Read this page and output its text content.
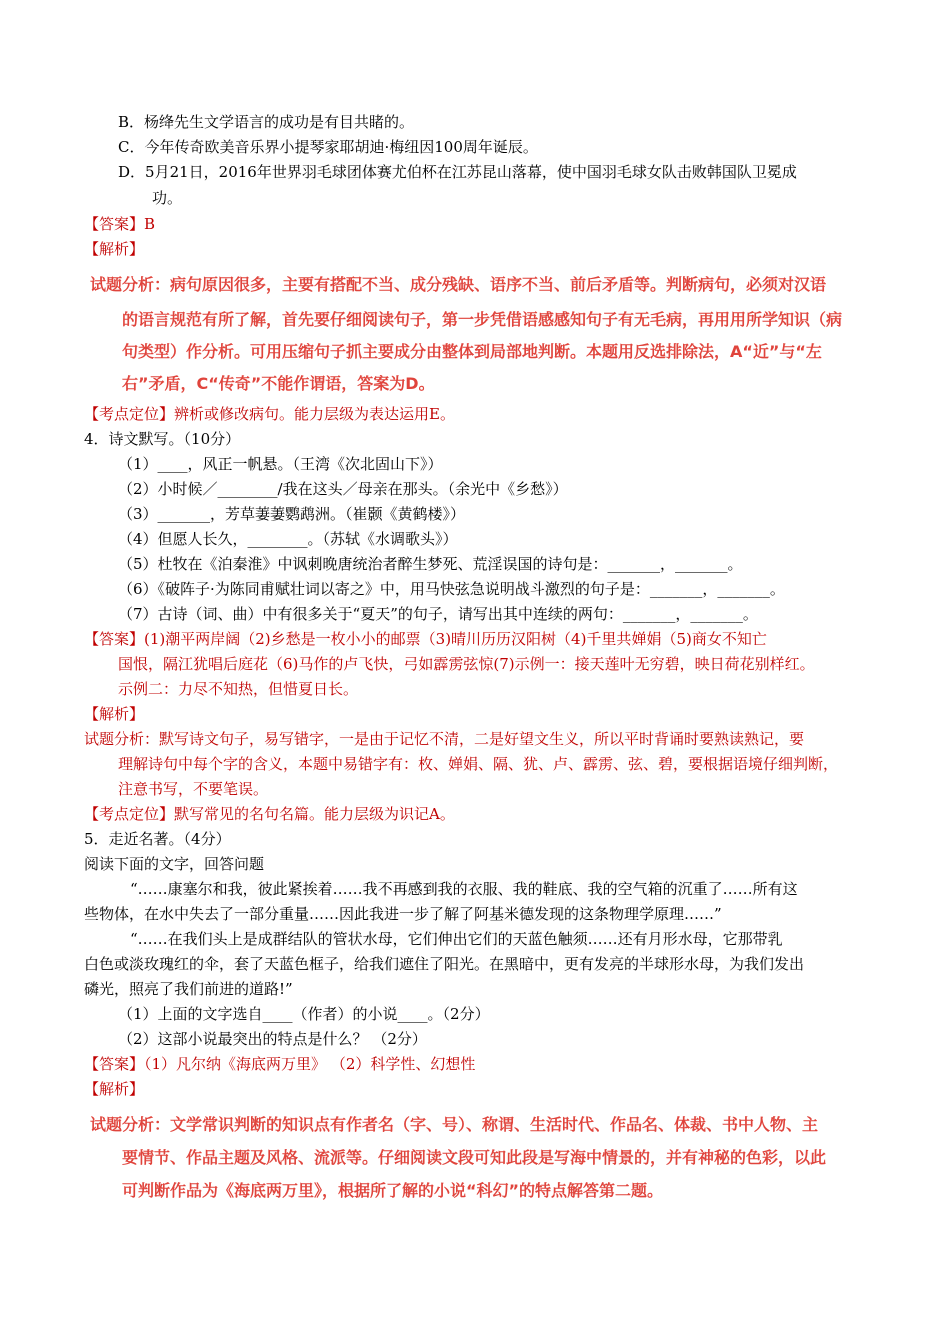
B．杨绛先生文学语言的成功是有目共睹的。
C．今年传奇欧美音乐界小提琴家耶胡迪·梅纽因100周年诞辰。
D．5月21日，2016年世界羽毛球团体赛尤伯杯在江苏昆山落幕，使中国羽毛球女队击败韩国队卫冕成
功。
【答案】B
【解析】
试题分析：病句原因很多，主要有搭配不当、成分残缺、语序不当、前后矛盾等。判断病句，必须对汉语
的语言规范有所了解，首先要仔细阅读句子，第一步凭借语感感知句子有无毛病，再用用所学知识（病
句类型）作分析。可用压缩句子抓主要成分由整体到局部地判断。本题用反选排除法，A“近”与“左
右”矛盾，C“传奇”不能作谓语，答案为D。
【考点定位】辨析或修改病句。能力层级为表达运用E。
4．诗文默写。（10分）
（1）____，风正一帆悬。（王湾《次北固山下》）
（2）小时候／________/我在这头／母亲在那头。（余光中《乡愁》）
（3）_______，芳草萋萋鹦鹉洲。（崔颢《黄鹤楼》）
（4）但愿人长久，________。（苏轼《水调歌头》）
（5）杜牧在《泊秦淮》中讽刺晚唐统治者醉生梦死、荒淫误国的诗句是：_______，_______。
（6）《破阵子·为陈同甫赋壮词以寄之》中，用马快弦急说明战斗激烈的句子是：_______，_______。
（7）古诗（词、曲）中有很多关于“夏天”的句子，请写出其中连续的两句：_______，_______。
【答案】(1)潮平两岸阔（2)乡愁是一枚小小的邮票（3)晴川历历汉阳树（4)千里共婵娟（5)商女不知亡
国恨，隔江犹唱后庭花（6)马作的卢飞快，弓如霹雳弦惊(7)示例一：接天莲叶无穷碧，映日荷花别样红。
示例二：力尽不知热，但惜夏日长。
【解析】
试题分析：默写诗文句子，易写错字，一是由于记忆不清，二是好望文生义，所以平时背诵时要熟读熟记，要
理解诗句中每个字的含义，本题中易错字有：枚、婵娟、隔、犹、卢、霹雳、弦、碧，要根据语境仔细判断，
注意书写，不要笔误。
【考点定位】默写常见的名句名篇。能力层级为识记A。
5．走近名著。（4分）
阅读下面的文字，回答问题
“……康塞尔和我，彼此紧挨着……我不再感到我的衣服、我的鞋底、我的空气箱的沉重了……所有这
些物体，在水中失去了一部分重量……因此我进一步了解了阿基米德发现的这条物理学原理……”
“……在我们头上是成群结队的管状水母，它们伸出它们的天蓝色触须……还有月形水母，它那带乳
白色或淡玫瑰红的伞，套了天蓝色框子，给我们遮住了阳光。在黑暗中，更有发亮的半球形水母，为我们发出
磷光，照亮了我们前进的道路!”
（1）上面的文字选自____（作者）的小说____。（2分）
（2）这部小说最突出的特点是什么？ （2分）
【答案】（1）凡尔纳《海底两万里》 （2）科学性、幻想性
【解析】
试题分析：文学常识判断的知识点有作者名（字、号）、称谓、生活时代、作品名、体裁、书中人物、主
要情节、作品主题及风格、流派等。仔细阅读文段可知此段是写海中情景的，并有神秘的色彩，以此
可判断作品为《海底两万里》，根据所了解的小说“科幻”的特点解答第二题。
